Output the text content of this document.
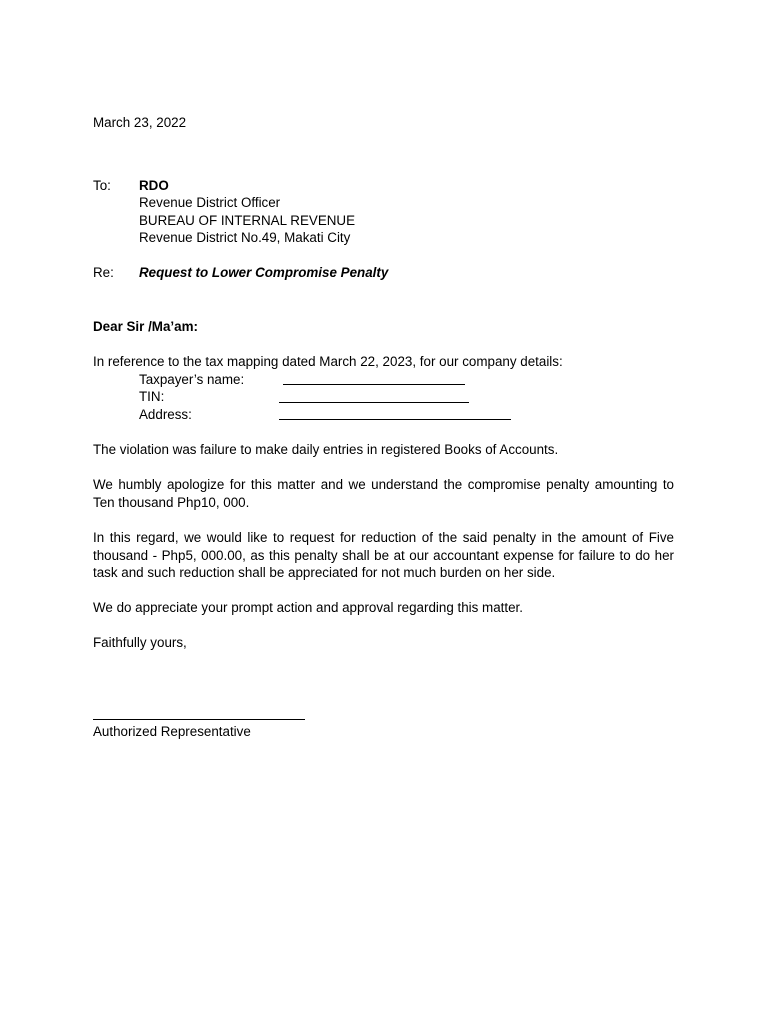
March 23, 2022
To: RDO
Revenue District Officer
BUREAU OF INTERNAL REVENUE
Revenue District No.49, Makati City
Re: Request to Lower Compromise Penalty
Dear Sir /Ma’am:
In reference to the tax mapping dated March 22, 2023, for our company details:
Taxpayer’s name:
TIN:
Address:
The violation was failure to make daily entries in registered Books of Accounts.
We humbly apologize for this matter and we understand the compromise penalty amounting to Ten thousand Php10, 000.
In this regard, we would like to request for reduction of the said penalty in the amount of Five thousand - Php5, 000.00, as this penalty shall be at our accountant expense for failure to do her task and such reduction shall be appreciated for not much burden on her side.
We do appreciate your prompt action and approval regarding this matter.
Faithfully yours,
Authorized Representative
